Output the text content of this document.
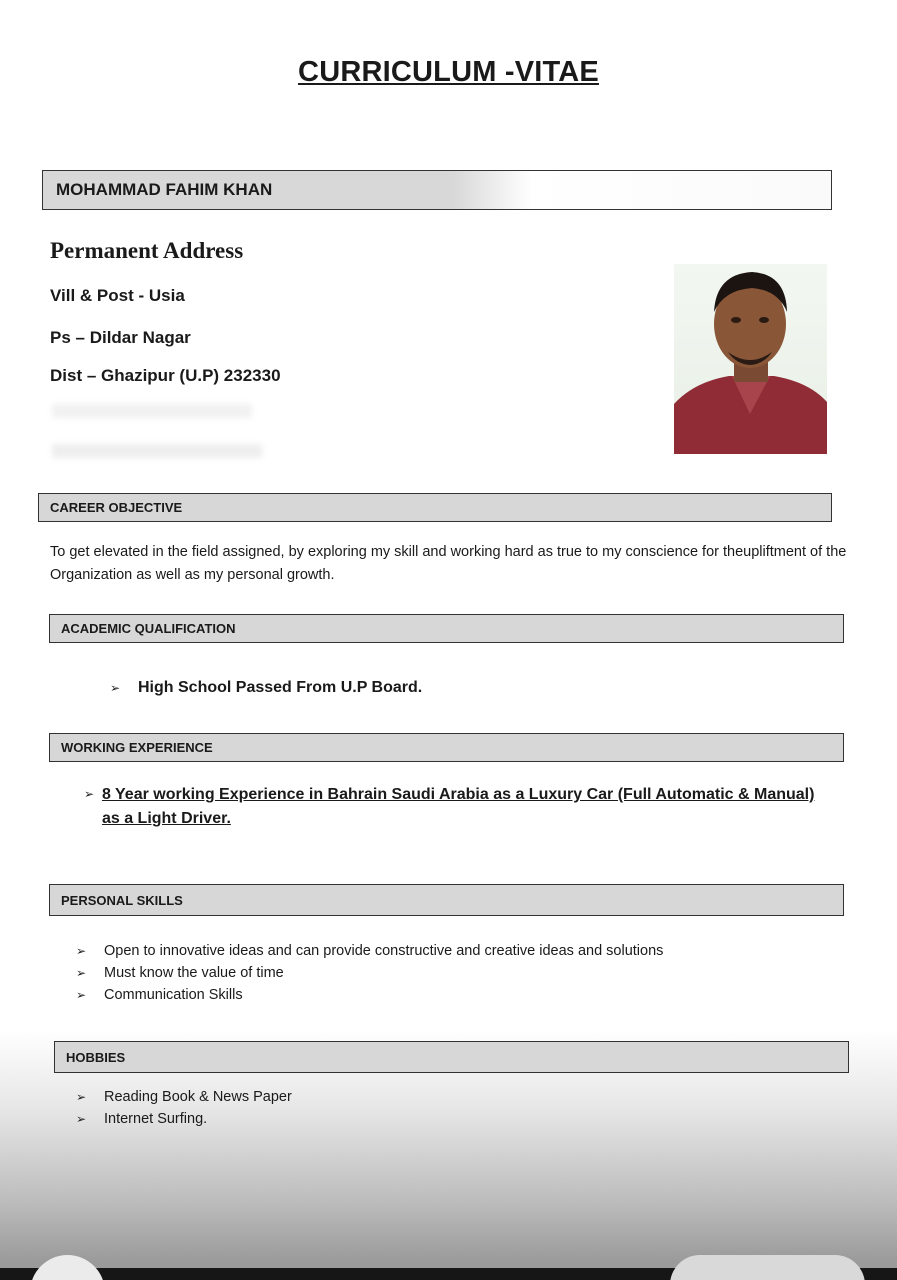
CURRICULUM -VITAE
MOHAMMAD FAHIM KHAN
Permanent Address
Vill & Post - Usia
Ps – Dildar Nagar
Dist – Ghazipur (U.P) 232330
CAREER OBJECTIVE
To get elevated in the field assigned, by exploring my skill and working hard as true to my conscience for theupliftment of the Organization as well as my personal growth.
ACADEMIC QUALIFICATION
➢ High School Passed From U.P Board.
WORKING EXPERIENCE
➢ 8 Year working Experience in Bahrain Saudi Arabia as a Luxury Car (Full Automatic & Manual) as a Light Driver.
PERSONAL SKILLS
➢ Open to innovative ideas and can provide constructive and creative ideas and solutions
➢ Must know the value of time
➢ Communication Skills
HOBBIES
➢ Reading Book & News Paper
➢ Internet Surfing.
